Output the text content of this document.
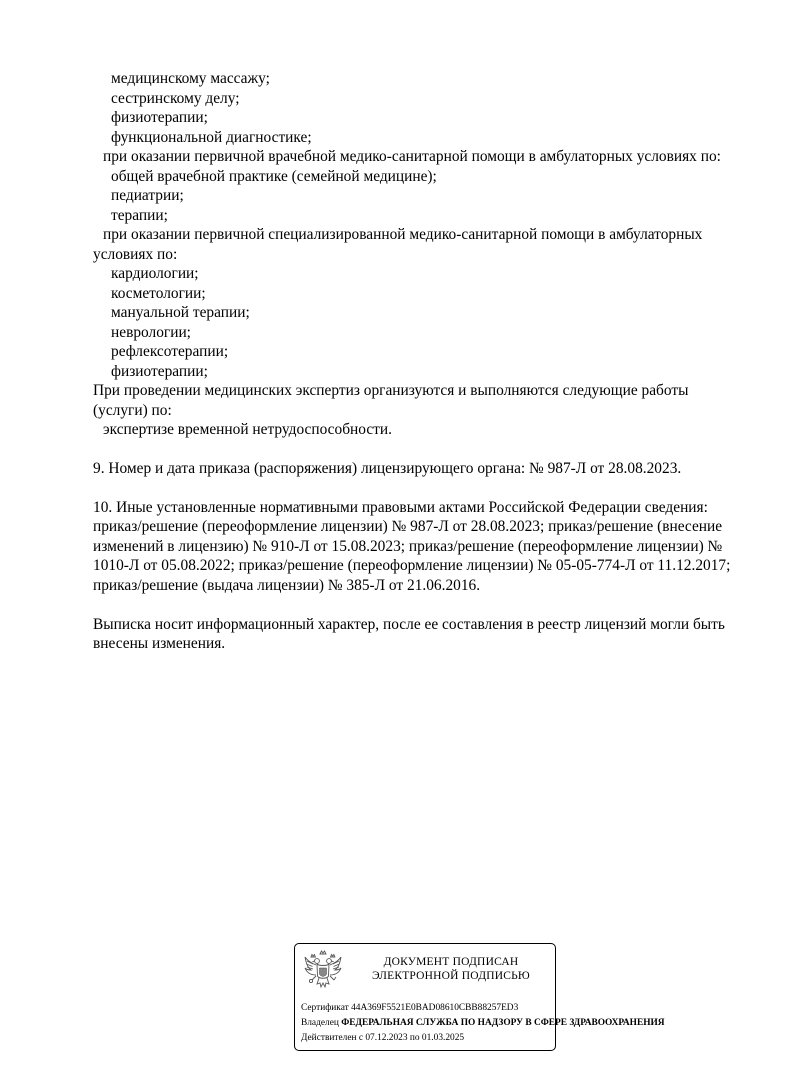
медицинскому массажу;
сестринскому делу;
физиотерапии;
функциональной диагностике;
при оказании первичной врачебной медико-санитарной помощи в амбулаторных условиях по:
общей врачебной практике (семейной медицине);
педиатрии;
терапии;
при оказании первичной специализированной медико-санитарной помощи в амбулаторных
условиях по:
кардиологии;
косметологии;
мануальной терапии;
неврологии;
рефлексотерапии;
физиотерапии;
При проведении медицинских экспертиз организуются и выполняются следующие работы
(услуги) по:
экспертизе временной нетрудоспособности.
9. Номер и дата приказа (распоряжения) лицензирующего органа: № 987-Л от 28.08.2023.
10. Иные установленные нормативными правовыми актами Российской Федерации сведения:
приказ/решение (переоформление лицензии) № 987-Л от 28.08.2023; приказ/решение (внесение
изменений в лицензию) № 910-Л от 15.08.2023; приказ/решение (переоформление лицензии) №
1010-Л от 05.08.2022; приказ/решение (переоформление лицензии) № 05-05-774-Л от 11.12.2017;
приказ/решение (выдача лицензии) № 385-Л от 21.06.2016.
Выписка носит информационный характер, после ее составления в реестр лицензий могли быть
внесены изменения.
ДОКУМЕНТ ПОДПИСАН
ЭЛЕКТРОННОЙ ПОДПИСЬЮ
Сертификат 44A369F5521E0BAD08610CBB88257ED3
Владелец ФЕДЕРАЛЬНАЯ СЛУЖБА ПО НАДЗОРУ В СФЕРЕ ЗДРАВООХРАНЕНИЯ
Действителен с 07.12.2023 по 01.03.2025
